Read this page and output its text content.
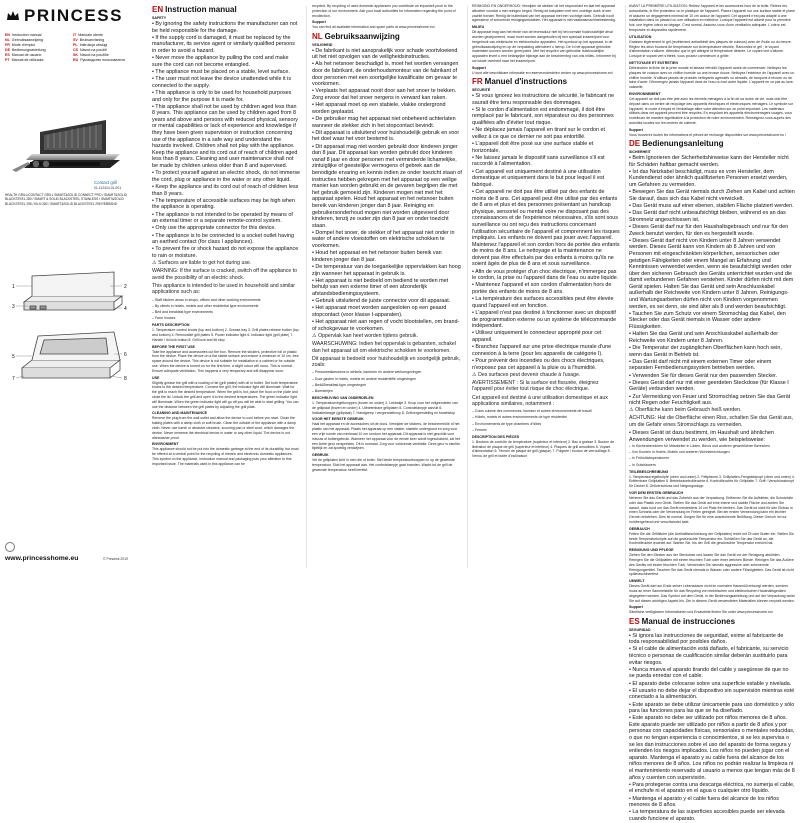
PRINCESS
EN Instruction manual	IT Manuale utente
NL Gebruiksaanwijzing	SV Bruksanvisning
FR Mode d'emploi	PL Instrukcja obsługi
DE Bedienungsanleitung	CS Návod na použití
ES Manual de usuario	SK Návod na použitie
PT Manual de utilizador	RU Руководство пользователя
Contact grill
01.112414.01.001
HEALTH GRILL/CONTACT GRILL SMART&SOLID CONNECT PRO / SMART&SOLID BLACKSTEEL 280 / SMART & SOLID BLACKSTEEL STAINLESS / SMART&SOLID BLACKSTEEL 295 / KILN 280 / SMART&SOLID BLACKSTEEL 295 REBRAND
1	2
3	4
5	6
7	8
www.princesshome.eu	© Princess 2019
EN Instruction manual
SAFETY

• By ignoring the safety instructions the manufacturer can not be held responsible for the damage.

• If the supply cord is damaged, it must be replaced by the manufacturer, its service agent or similarly qualified persons in order to avoid a hazard.

• Never move the appliance by pulling the cord and make sure the cord can not become entangled.

• The appliance must be placed on a stable, level surface.

• The user must not leave the device unattended while it is connected to the supply.

• This appliance is only to be used for household purposes and only for the purpose it is made for.

• This appliance shall not be used by children aged less than 8 years. This appliance can be used by children aged from 8 years and above and persons with reduced physical, sensory or mental capabilities or lack of experience and knowledge if they have been given supervision or instruction concerning use of the appliance in a safe way and understand the hazards involved. Children shall not play with the appliance. Keep the appliance and its cord out of reach of children aged less than 8 years. Cleaning and user maintenance shall not be made by children unless older than 8 and supervised.

• To protect yourself against an electric shock, do not immerse the cord, plug or appliance in the water or any other liquid.

• Keep the appliance and its cord out of reach of children less than 8 years.

• The temperature of accessible surfaces may be high when the appliance is operating.

• The appliance is not intended to be operated by means of an external timer or a separate remote-control system.

• Only use the appropriate connector for this device.

• The appliance is to be connected to a socket outlet having an earthed contact (for class I appliances).

• To prevent fire or shock hazard do not expose the appliance to rain or moisture.

⚠ Surfaces are liable to get hot during use.

WARNING: If the surface is cracked, switch off the appliance to avoid the possibility of an electric shock.

This appliance is intended to be used in household and similar applications such as:

– Staff kitchen areas in shops, offices and other working environments

– By clients in hotels, motels and other residential type environments

– Bed and breakfast type environments

– Farm houses

PARTS DESCRIPTION

1. Temperature control knobs (top and bottom) 2. Grease tray 3. Grill plates release button (top and bottom) 4. Removable grill plates 5. Power indicator light 6. Indicator light (grill plate) 7. Handle / lid lock button 8. Grill lock and tilt stop

BEFORE THE FIRST USE

Take the appliance and accessories out the box. Remove the stickers, protective foil or plastic from the device. Place the device on a flat stable surface and ensure a minimum of 10 cm. free space around the device. This device is not suitable for installation in a cabinet or for outside use. When the device is turned on for the first time, a slight odour will occur. This is normal. Ensure adequate ventilation. This happens a very temporary and will disappear soon.

USE

Slightly grease the grill with a coating of fat (grill plates) with oil or butter. Set both temperature knobs to the desired temperature. Connect the grill, the indicator light will illuminate. Wait for the grill to reach the desired temperature. When the grill is hot, place the food on the plate and close the lid. Unlock the grill and open it to the desired temperatures. The green indicator light will illuminate. When the green indicator light will go off you will be able to start grilling. You can use the distance between the grill plates by adjusting the grill plate.

CLEANING AND MAINTENANCE

Remove the plug from the wall outlet and allow the device to cool before you start. Clean the baking plates with a damp cloth or soft brush. Clean the outside of the appliance with a damp cloth. Never use harsh or abrasive cleaners, scouring pad or steel wool, which damages the device. Never immerse the electrical device in water or any other liquid. The device is not dishwasher proof.

ENVIRONMENT

This appliance should not be put into the domestic garbage at the end of its durability, but must be offered at a central point for the recycling of electric and electronic domestic appliances. This symbol on the appliance, instruction manual and packaging puts your attention to this important issue. The materials used in this appliance can be

recycled. By recycling of used domestic appliances you contribute an important push to the protection of our environment. Ask your local authorities for information regarding the point of recollection.

Support

You can find all available information and spare parts at www.princesshome.eu!

NL Gebruiksaanwijzing
VEILIGHEID

• De fabrikant is niet aansprakelijk voor schade voortvloeiend uit het niet opvolgen van de veiligheidsinstructies.

• Als het netsnoer beschadigd is, moet het worden vervangen door de fabrikant, de onderhoudsmonteur van de fabrikant of door personen met een soortgelijke kwalificatie om gevaar te voorkomen.

• Verplaats het apparaat nooit door aan het snoer te trekken. Zorg ervoor dat het snoer nergens in verward kan raken.

• Het apparaat moet op een stabiele, vlakke ondergrond worden geplaatst.

• De gebruiker mag het apparaat niet onbeheerd achterlaten wanneer de stekker zich in het stopcontact bevindt.

• Dit apparaat is uitsluitend voor huishoudelijk gebruik en voor het doel waar het voor bestemd is.

• Dit apparaat mag niet worden gebruikt door kinderen jonger dan 8 jaar. Dit apparaat kan worden gebruikt door kinderen vanaf 8 jaar en door personen met verminderde lichamelijke, zintuiglijke of geestelijke vermogens of gebrek aan de benodigde ervaring en kennis indien ze onder toezicht staan of instructies hebben gekregen met het apparaat op een veilige manier kan worden gebruikt en de gevaren begrijpen die met het gebruik gemoeid zijn. Kinderen mogen niet met het apparaat spelen. Houd het apparaat en het netsnoer buiten bereik van kinderen jonger dan 8 jaar. Reiniging en gebruikersonderhoud mogen niet worden uitgevoerd door kinderen, tenzij ze ouder zijn dan 8 jaar en onder toezicht staan.

• Dompel het snoer, de stekker of het apparaat niet onder in water of andere vloeistoffen om elektrische schokken te voorkomen.

• Houd het apparaat en het netsnoer buiten bereik van kinderen jonger dan 8 jaar.

• De temperatuur van de toegankelijke oppervlakken kan hoog zijn wanneer het apparaat in gebruik is.

• Het apparaat is niet bedoeld om bediend te worden met behulp van een externe timer of een afzonderlijk afstandsbedieningssysteem.

• Gebruik uitsluitend de juiste connector voor dit apparaat.

• Het apparaat moet worden aangesloten op een geaard stopcontact (voor klasse I-apparaten).

• Het apparaat niet aan regen of vocht blootstellen, om brand- of schokgevaar te voorkomen.

⚠ Oppervlak kan heet worden tijdens gebruik.

WAARSCHUWING: Indien het oppervlak is gebarsten, schakel dan het apparaat uit om elektrische schokken te voorkomen.

Dit apparaat is bedoeld voor huishoudelijk en soortgelijk gebruik, zoals:

– Personeelskeukens in winkels, kantoren en andere werkomgevingen

– Door gasten in hotels, motels en andere residentiële omgevingen

– Bed&Breakfast-type omgevingen

– Boerderijen

BESCHRIJVING VAN ONDERDELEN

1. Temperatuurregelknoppen (boven en onder) 2. Lekbakje 3. Knop voor het ontgrendelen van de grillplaat (boven en onder) 4. Uitneembare grillplaten 5. Controlelampje aan/uit 6. Indicatielampje (grillplaat) 7. Handgreep / vergrendelknop 8. Grillvergrendeling en kantelstop

VOOR HET EERSTE GEBRUIK

Haal het apparaat en de accessoires uit de doos. Verwijder de stickers, de beschermfolie of het plastic van het apparaat. Plaats het apparaat op een vlakke, stabiele ondergrond en zorg voor een vrije ruimte van minimaal 10 cm rondom het apparaat. Dit apparaat is niet geschikt voor inbouw of buitengebruik. Wanneer het apparaat voor de eerste keer wordt ingeschakeld, zal het een lichte geur verspreiden. Dit is normaal. Zorg voor voldoende ventilatie. Deze geur is slechts tijdelijk en zal spoedig verdwijnen.

GEBRUIK

Vet de grillplaten licht in met olie of boter. Stel beide temperatuurknoppen in op de gewenste temperatuur. Sluit het apparaat aan. Het controlelampje gaat branden. Wacht tot de grill de gewenste temperatuur heeft bereikt.

REINIGING EN ONDERHOUD: Verwijder de stekker uit het stopcontact en laat het apparaat afkoelen voordat u met reinigen begint. Reinig de bakplaten met een vochtige doek of een zachte borstel. Reinig de buitenkant van het apparaat met een vochtige doek. Gebruik nooit agressieve of schurende reinigingsmiddelen. Het apparaat is niet vaatwasmachinebestendig.

MILIEU

Dit apparaat mag aan het einde van de levensduur niet bij het normale huishoudelijke afval worden gedeponeerd, maar moet worden aangeboden bij een speciaal inzamelpunt voor hergebruik van elektrische en elektronische apparaten. Het symbool op het apparaat, in de gebruiksaanwijzing en op de verpakking attendeert u hierop. De in het apparaat gebruikte materialen kunnen worden gerecycled. Met het recyclen van gebruikte huishoudelijke apparaten levert u een belangrijke bijdrage aan de bescherming van ons milieu. Informeer bij uw lokale overheid naar het inzamelpunt.

Support

U kunt alle beschikbare informatie en reserveonderdelen vinden op www.princesshome.eu!

FR Manuel d'instructions
SÉCURITÉ

• Si vous ignorez les instructions de sécurité, le fabricant ne saurait être tenu responsable des dommages.

• Si le cordon d'alimentation est endommagé, il doit être remplacé par le fabricant, son réparateur ou des personnes qualifiées afin d'éviter tout risque.

• Ne déplacez jamais l'appareil en tirant sur le cordon et veillez à ce que ce dernier ne soit pas entortillé.

• L'appareil doit être posé sur une surface stable et horizontale.

• Ne laissez jamais le dispositif sans surveillance s'il est raccordé à l'alimentation.

• Cet appareil est uniquement destiné à une utilisation domestique et uniquement dans le but pour lequel il est fabriqué.

• Cet appareil ne doit pas être utilisé par des enfants de moins de 8 ans. Cet appareil peut être utilisé par des enfants de 8 ans et plus et des personnes présentant un handicap physique, sensoriel ou mental voire ne disposant pas des connaissances et de l'expérience nécessaires, s'ils sont sous surveillance ou ont reçu des instructions concernant l'utilisation sécuritaire de l'appareil et comprennent les risques impliqués. Les enfants ne doivent pas jouer avec l'appareil. Maintenez l'appareil et son cordon hors de portée des enfants de moins de 8 ans. Le nettoyage et la maintenance ne doivent pas être effectués par des enfants à moins qu'ils ne soient âgés de plus de 8 ans et sous surveillance.

• Afin de vous protéger d'un choc électrique, n'immergez pas le cordon, la prise ou l'appareil dans de l'eau ou autre liquide.

• Maintenez l'appareil et son cordon d'alimentation hors de portée des enfants de moins de 8 ans.

• La température des surfaces accessibles peut être élevée quand l'appareil est en fonction.

• L'appareil n'est pas destiné à fonctionner avec un dispositif de programmation externe ou un système de télécommande indépendant.

• Utilisez uniquement le connecteur approprié pour cet appareil.

• Branchez l'appareil sur une prise électrique murale d'une connexion à la terre (pour les appareils de catégorie I).

• Pour prévenir des incendies ou des chocs électriques, n'exposez pas cet appareil à la pluie ou à l'humidité.

⚠ Des surfaces peut devenir chaude à l'usage.

AVERTISSEMENT : Si la surface est fissurée, éteignez l'appareil pour éviter tout risque de choc électrique.

Cet appareil est destiné à une utilisation domestique et aux applications similaires, notamment :

– Coins cuisine des commerces, bureaux et autres environnements de travail

– Hôtels, motels et autres environnements de type résidentiel

– Environnements de type chambres d'hôtes

– Fermes

DESCRIPTION DES PIÈCES

1. Boutons de contrôle de température (supérieur et inférieur) 2. Bac à graisse 3. Bouton de libération de plaque de grill (supérieur et inférieur) 4. Plaques de grill amovibles 5. Voyant d'alimentation 6. Témoin de plaque de grill (plaque) 7. Poignée / bouton de verrouillage 8. Verrou de grill et butée d'inclinaison

AVANT LA PREMIÈRE UTILISATION: Retirez l'appareil et les accessoires hors de la boîte. Retirez les autocollants, le film protecteur ou le plastique de l'appareil. Placez l'appareil sur une surface stable et plane et assurez un dégagement minimal de 10 cm autour de l'appareil. Cet appareil n'est pas adapté à une installation dans un placard ou une utilisation en extérieur. Lorsque l'appareil est allumé pour la première fois, une légère odeur se dégage. C'est normal. Assurez-vous d'une ventilation adéquate. L'odeur est temporaire et disparaîtra rapidement.

UTILISATION

Graissez légèrement le gril (revêtement antiadhésif des plaques de cuisson) avec de l'huile ou du beurre. Réglez les deux boutons de température sur la température désirée. Raccordez le gril ; le voyant d'alimentation s'allume. Attendez que le gril atteigne la température désirée. Le voyant vert s'allume. Lorsque le voyant vert s'éteint, vous pouvez commencer à griller.

NETTOYAGE ET ENTRETIEN

Débranchez la fiche de la prise murale et laissez refroidir l'appareil avant de commencer. Nettoyez les plaques de cuisson avec un chiffon humide ou une brosse douce. Nettoyez l'extérieur de l'appareil avec un chiffon humide. N'utilisez jamais de produits nettoyants agressifs ou abrasifs, de tampons à récurer ou de laine d'acier. N'immergez jamais l'appareil dans de l'eau ou tout autre liquide. L'appareil ne va pas au lave-vaisselle.

ENVIRONNEMENT

Cet appareil ne doit pas être jeté avec les déchets ménagers à la fin de sa durée de vie, mais doit être déposé dans un centre de recyclage des appareils électriques et électroniques ménagers. Le symbole sur l'appareil, le mode d'emploi et l'emballage attire votre attention sur ce point important. Les matériaux utilisés dans cet appareil peuvent être recyclés. En recyclant les appareils électroménagers usagés, vous contribuez de manière significative à la protection de notre environnement. Renseignez-vous auprès des autorités locales sur les centres de collecte.

Support

Vous trouverez toutes les informations et pièces de rechange disponibles sur www.princesshome.eu !

DE Bedienungsanleitung
SICHERHEIT

• Beim Ignorieren der Sicherheitshinweise kann der Hersteller nicht für Schäden haftbar gemacht werden.

• Ist das Netzkabel beschädigt, muss es vom Hersteller, dem Kundendienst oder ähnlich qualifizierten Personen ersetzt werden, um Gefahren zu vermeiden.

• Bewegen Sie das Gerät niemals durch Ziehen am Kabel und achten Sie darauf, dass sich das Kabel nicht verwickelt.

• Das Gerät muss auf einer ebenen, stabilen Fläche platziert werden.

• Das Gerät darf nicht unbeaufsichtigt bleiben, während es an das Stromnetz angeschlossen ist.

• Dieses Gerät darf nur für den Haushaltsgebrauch und nur für den Zweck benutzt werden, für den es hergestellt wurde.

• Dieses Gerät darf nicht von Kindern unter 8 Jahren verwendet werden. Dieses Gerät kann von Kindern ab 8 Jahren und von Personen mit eingeschränkten körperlichen, sensorischen oder geistigen Fähigkeiten oder einem Mangel an Erfahrung und Kenntnissen verwendet werden, wenn sie beaufsichtigt werden oder über den sicheren Gebrauch des Geräts unterrichtet wurden und die damit verbundenen Gefahren verstehen. Kinder dürfen nicht mit dem Gerät spielen. Halten Sie das Gerät und sein Anschlusskabel außerhalb der Reichweite von Kindern unter 8 Jahren. Reinigungs- und Wartungsarbeiten dürfen nicht von Kindern vorgenommen werden, es sei denn, sie sind älter als 8 und werden beaufsichtigt.

• Tauchen Sie zum Schutz vor einem Stromschlag das Kabel, den Stecker oder das Gerät niemals in Wasser oder andere Flüssigkeiten.

• Halten Sie das Gerät und sein Anschlusskabel außerhalb der Reichweite von Kindern unter 8 Jahren.

• Die Temperatur der zugänglichen Oberflächen kann hoch sein, wenn das Gerät in Betrieb ist.

• Das Gerät darf nicht mit einem externen Timer oder einem separaten Fernbedienungssystem betrieben werden.

• Verwenden Sie für dieses Gerät nur den passenden Stecker.

• Dieses Gerät darf nur mit einer geerdeten Steckdose (für Klasse I Geräte) verbunden werden.

• Zur Vermeidung von Feuer und Stromschlag setzen Sie das Gerät nicht Regen oder Feuchtigkeit aus.

⚠ Oberfläche kann beim Gebrauch heiß werden.

ACHTUNG: Hat die Oberfläche einen Riss, schalten Sie das Gerät aus, um die Gefahr eines Stromschlags zu vermeiden.

• Dieses Gerät ist dazu bestimmt, im Haushalt und ähnlichen Anwendungen verwendet zu werden, wie beispielsweise:

– In Küchenbereichen für Mitarbeiter in Läden, Büros und anderen gewerblichen Bereichen

– Von Kunden in Hotels, Motels und anderen Wohneinrichtungen

– In Frühstückspensionen

– In Gutshäusern

TEILEBESCHREIBUNG

1. Temperaturregelknöpfe (oben und unten) 2. Fettpfanne 3. Grillplatten-Freigabeknopf (oben und unten) 4. Entfernbare Grillplatten 5. Betriebskontrollleuchte 6. Kontrollleuchte für Grillplatte 7. Griff / Verschlussknopf für Deckel 8. Grillverschluss und Neigungsstopp

VOR DEM ERSTEN GEBRAUCH

Nehmen Sie das Gerät und das Zubehör aus der Verpackung. Entfernen Sie die Aufkleber, die Schutzfolie oder das Plastik vom Gerät. Stellen Sie das Gerät auf eine ebene und stabile Fläche und achten Sie darauf, dass rund um das Gerät mindestens 10 cm Platz frei bleiben. Das Gerät ist nicht für den Einbau in einen Schrank oder die Verwendung im Freien geeignet. Bei der ersten Verwendung kann ein leichter Geruch entstehen. Dies ist normal. Sorgen Sie für eine ausreichende Belüftung. Dieser Geruch ist nur vorübergehend und verschwindet bald.

GEBRAUCH

Fetten Sie die Grillfläche (die Antihaftbeschichtung der Grillplatten) leicht mit Öl oder Butter ein. Stellen Sie beide Temperaturknöpfe auf die gewünschte Temperatur ein. Schließen Sie das Gerät an, die Kontrollleuchte leuchtet auf. Warten Sie, bis der Grill die gewünschte Temperatur erreicht hat.

REINIGUNG UND PFLEGE

Ziehen Sie den Stecker aus der Steckdose und lassen Sie das Gerät vor der Reinigung abkühlen. Reinigen Sie die Grillplatten mit einem feuchten Tuch oder einer weichen Bürste. Reinigen Sie das Äußere des Geräts mit einem feuchten Tuch. Verwenden Sie niemals aggressive oder scheuernde Reinigungsmittel. Tauchen Sie das Gerät niemals in Wasser oder andere Flüssigkeiten. Das Gerät ist nicht spülmaschinenfest.

UMWELT

Dieses Gerät darf am Ende seiner Lebensdauer nicht im normalen Hausmüll entsorgt werden, sondern muss an einer Sammelstelle für das Recycling von elektrischen und elektronischen Haushaltsgeräten abgegeben werden. Das Symbol auf dem Gerät, in der Bedienungsanleitung und auf der Verpackung weist Sie auf diesen wichtigen Aspekt hin. Die in diesem Gerät verwendeten Materialien können recycelt werden.

Support

Sämtliche verfügbaren Informationen und Ersatzteile finden Sie unter www.princesshome.eu!

ES Manual de instrucciones
SEGURIDAD

• Si ignora las instrucciones de seguridad, exime al fabricante de toda responsabilidad por posibles daños.

• Si el cable de alimentación está dañado, el fabricante, su servicio técnico o personas de cualificación similar deberán sustituirlo para evitar riesgos.

• Nunca mueva el aparato tirando del cable y asegúrese de que no se pueda enredar con el cable.

• El aparato debe colocarse sobre una superficie estable y nivelada.

• El usuario no debe dejar el dispositivo sin supervisión mientras esté conectado a la alimentación.

• Este aparato se debe utilizar únicamente para uso doméstico y sólo para las funciones para las que se ha diseñado.

• Este aparato no debe ser utilizado por niños menores de 8 años. Este aparato puede ser utilizado por niños a partir de 8 años y por personas con capacidades físicas, sensoriales o mentales reducidas, o que no tengan experiencia o conocimientos, si se les supervisa o se les dan instrucciones sobre el uso del aparato de forma segura y entienden los riesgos implicados. Los niños no pueden jugar con el aparato. Mantenga el aparato y su cable fuera del alcance de los niños menores de 8 años. Los niños no podrán realizar la limpieza ni el mantenimiento reservado al usuario a menos que tengan más de 8 años y cuenten con supervisión.

• Para protegerse contra una descarga eléctrica, no sumerja el cable, el enchufe ni el aparato en el agua o cualquier otro líquido.

• Mantenga el aparato y el cable fuera del alcance de los niños menores de 8 años.

• La temperatura de las superficies accesibles puede ser elevada cuando funcione el aparato.
